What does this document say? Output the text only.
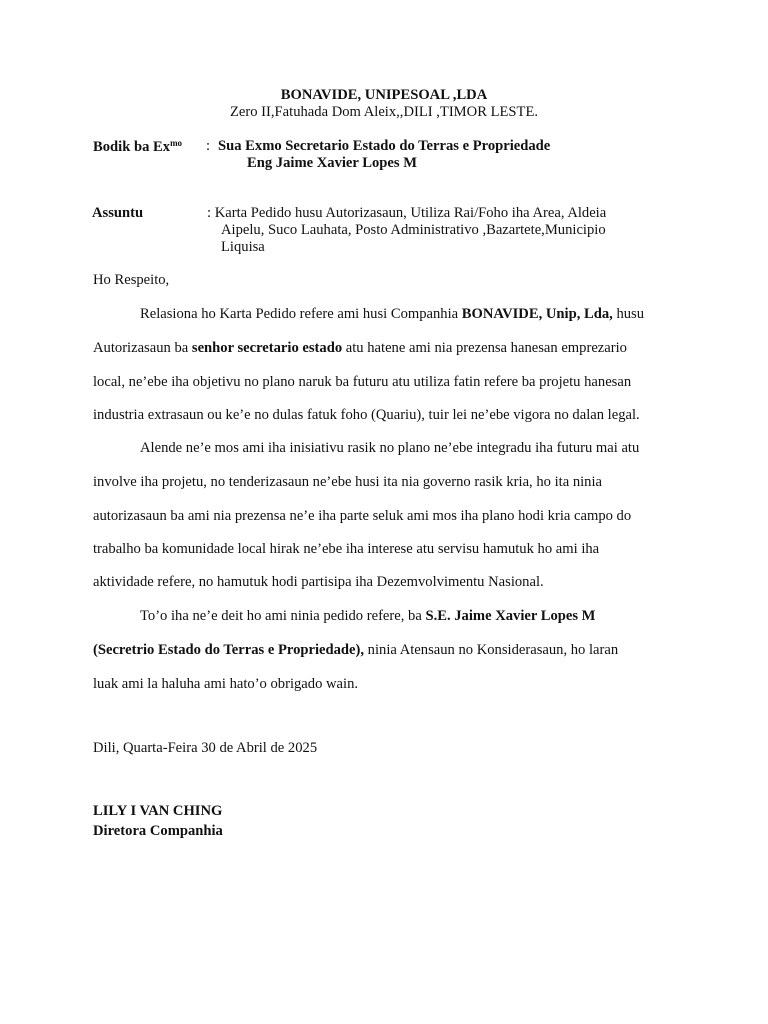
BONAVIDE, UNIPESOAL ,LDA
Zero II,Fatuhada Dom Aleix,,DILI ,TIMOR LESTE.
Bodik ba $Ex^{mo}$ : Sua Exmo Secretario Estado do Terras e Propriedade
Eng Jaime Xavier Lopes M
Assuntu	: Karta Pedido husu Autorizasaun, Utiliza Rai/Foho iha Area, Aldeia
Aipelu, Suco Lauhata, Posto Administrativo ,Bazartete,Municipio
Liquisa
Ho Respeito,
Relasiona ho Karta Pedido refere ami husi Companhia BONAVIDE, Unip, Lda, husu
Autorizasaun ba senhor secretario estado atu hatene ami nia prezensa hanesan emprezario
local, ne’ebe iha objetivu no plano naruk ba futuru atu utiliza fatin refere ba projetu hanesan
industria extrasaun ou ke’e no dulas fatuk foho (Quariu), tuir lei ne’ebe vigora no dalan legal.
Alende ne’e mos ami iha inisiativu rasik no plano ne’ebe integradu iha futuru mai atu
involve iha projetu, no tenderizasaun ne’ebe husi ita nia governo rasik kria, ho ita ninia
autorizasaun ba ami nia prezensa ne’e iha parte seluk ami mos iha plano hodi kria campo do
trabalho ba komunidade local hirak ne’ebe iha interese atu servisu hamutuk ho ami iha
aktividade refere, no hamutuk hodi partisipa iha Dezemvolvimentu Nasional.
To’o iha ne’e deit ho ami ninia pedido refere, ba S.E. Jaime Xavier Lopes M
(Secretrio Estado do Terras e Propriedade), ninia Atensaun no Konsiderasaun, ho laran
luak ami la haluha ami hato’o obrigado wain.
Dili, Quarta-Feira 30 de Abril de 2025
LILY I VAN CHING
Diretora Companhia
